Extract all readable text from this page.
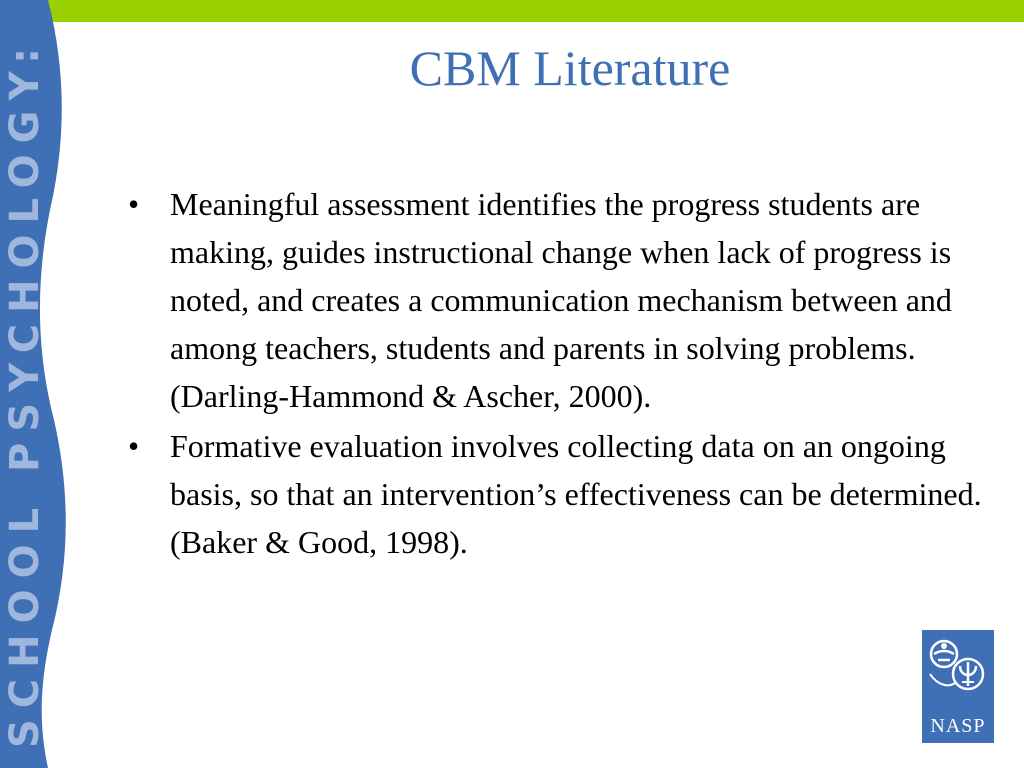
SCHOOL PSYCHOLOGY:	CBM Literature
• Meaningful assessment identifies the progress students are making, guides instructional change when lack of progress is noted, and creates a communication mechanism between and among teachers, students and parents in solving problems. (Darling-Hammond & Ascher, 2000).
• Formative evaluation involves collecting data on an ongoing basis, so that an intervention’s effectiveness can be determined. (Baker & Good, 1998).
NASP
